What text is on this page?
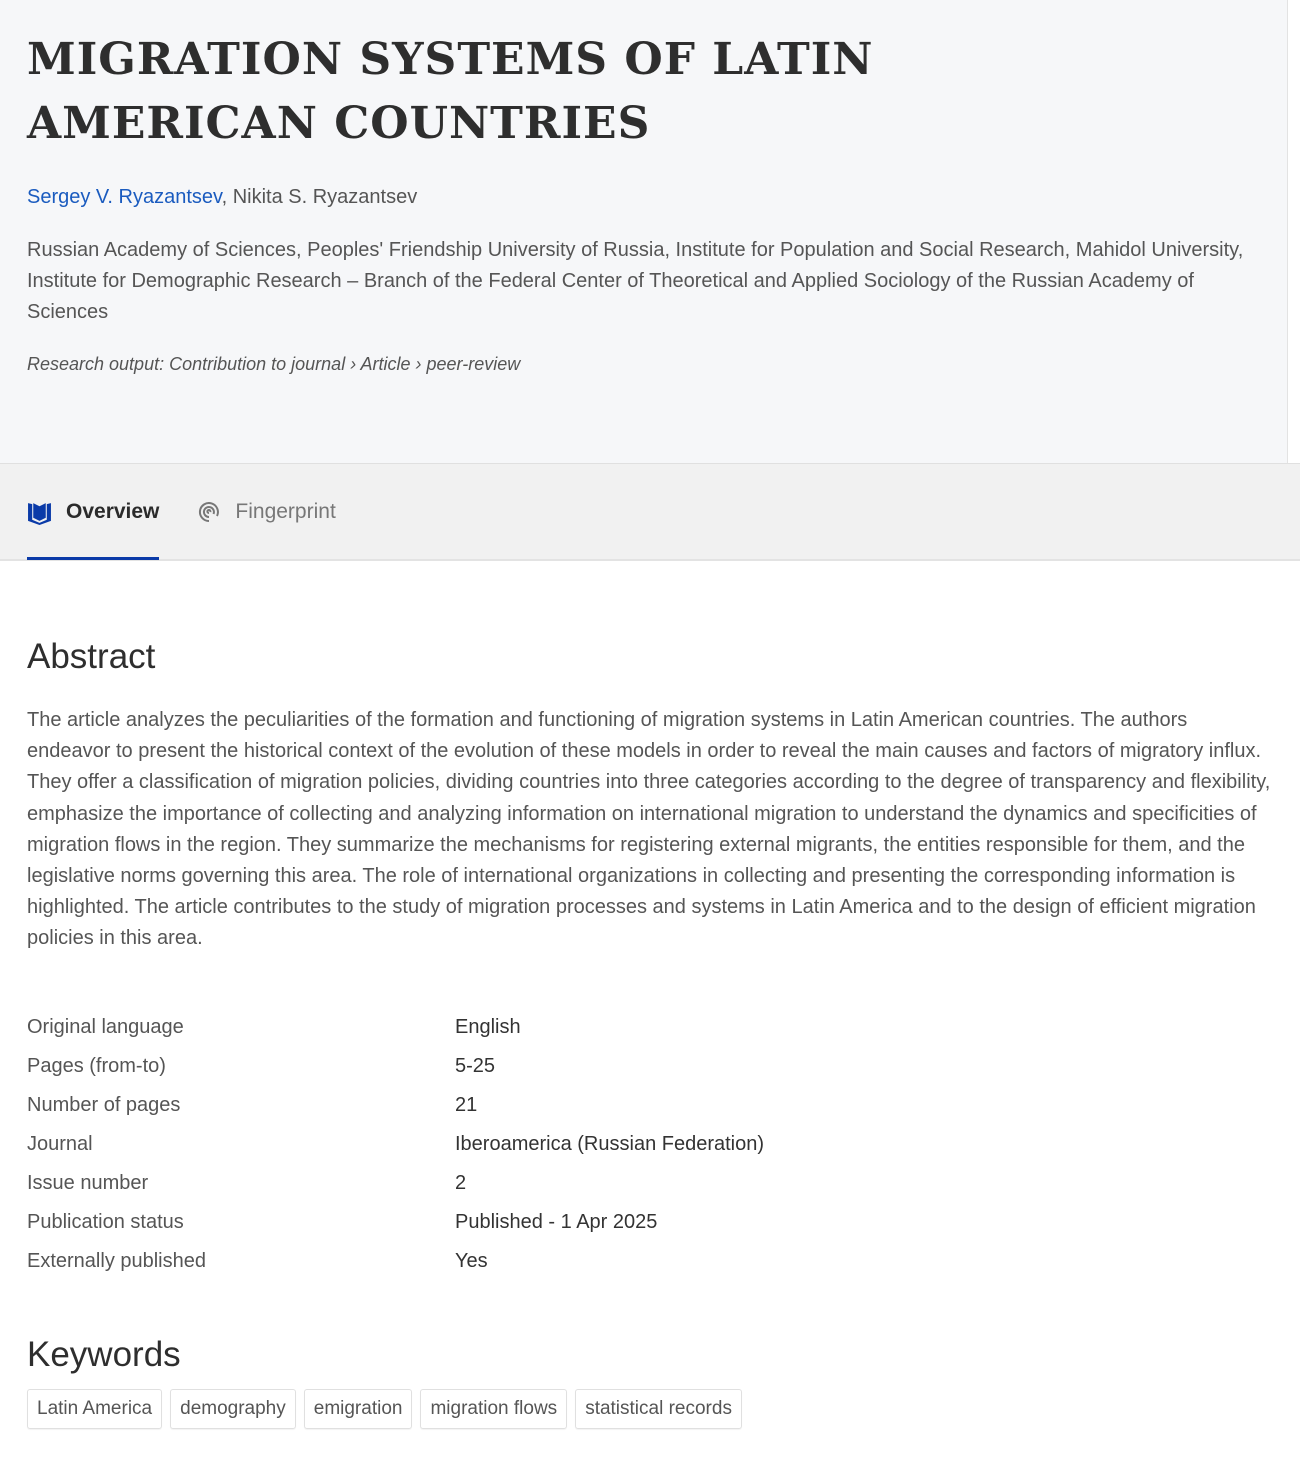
MIGRATION SYSTEMS OF LATIN AMERICAN COUNTRIES
Sergey V. Ryazantsev, Nikita S. Ryazantsev
Russian Academy of Sciences, Peoples' Friendship University of Russia, Institute for Population and Social Research, Mahidol University, Institute for Demographic Research – Branch of the Federal Center of Theoretical and Applied Sociology of the Russian Academy of Sciences
Research output: Contribution to journal › Article › peer-review
Overview	Fingerprint
Abstract

The article analyzes the peculiarities of the formation and functioning of migration systems in Latin American countries. The authors endeavor to present the historical context of the evolution of these models in order to reveal the main causes and factors of migratory influx. They offer a classification of migration policies, dividing countries into three categories according to the degree of transparency and flexibility, emphasize the importance of collecting and analyzing information on international migration to understand the dynamics and specificities of migration flows in the region. They summarize the mechanisms for registering external migrants, the entities responsible for them, and the legislative norms governing this area. The role of international organizations in collecting and presenting the corresponding information is highlighted. The article contributes to the study of migration processes and systems in Latin America and to the design of efficient migration policies in this area.

Original language	English
Pages (from-to)	5-25
Number of pages	21
Journal	Iberoamerica (Russian Federation)
Issue number	2
Publication status	Published - 1 Apr 2025
Externally published	Yes
Keywords
Latin America	demography	emigration	migration flows	statistical records
